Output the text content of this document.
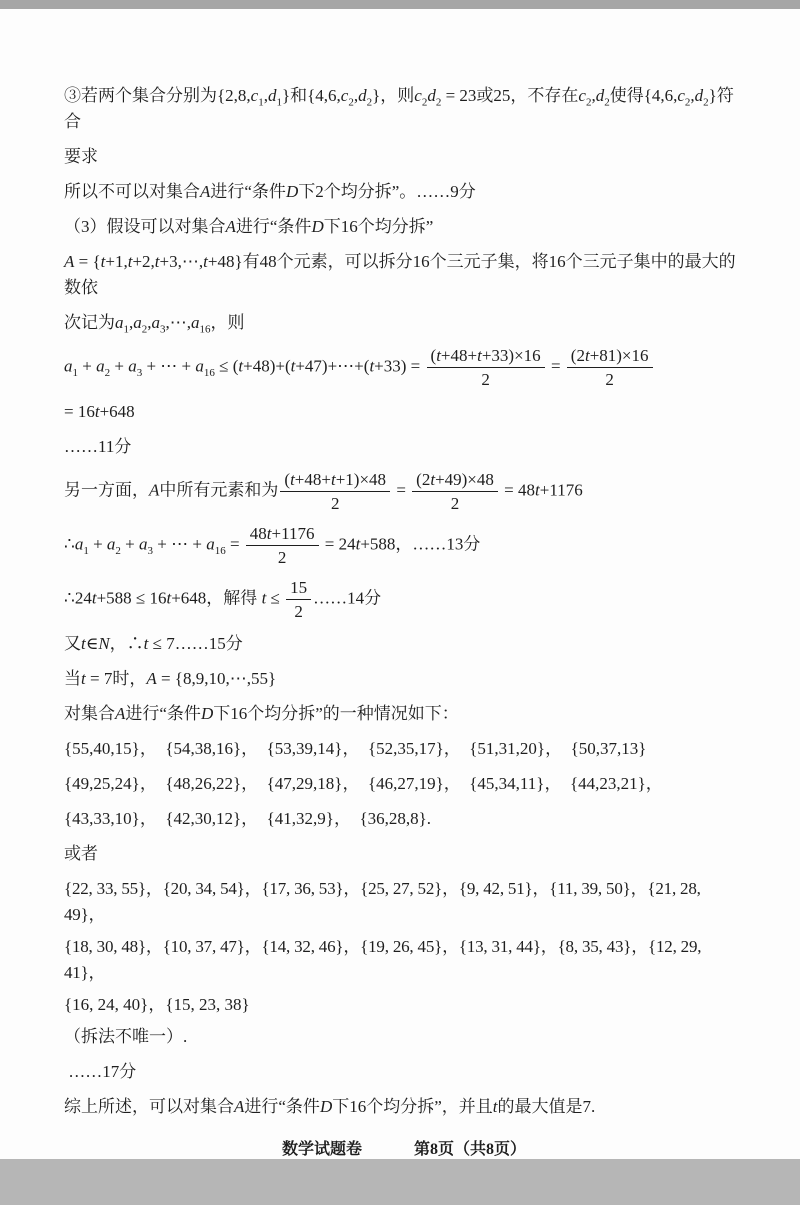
③若两个集合分别为$\{2,8,c_1,d_1\}$和$\{4,6,c_2,d_2\}$，则$c_2d_2 = 23$或25，不存在$c_2,d_2$使得$\{4,6,c_2,d_2\}$符合
要求
所以不可以对集合A进行“条件D下2个均分拆”。……9分
（3）假设可以对集合A进行“条件D下16个均分拆”
A = {t+1,t+2,t+3,⋯,t+48}有48个元素，可以拆分16个三元子集，将16个三元子集中的最大的数依
次记为$a_1,a_2,a_3,\cdots,a_{16}$，则
$a_1 + a_2 + a_3$ + ⋯ + $a_{16}$ ≤ (t+48)+(t+47)+⋯+(t+33) = $\frac{(t+48+t+33)\times 16}{2} = \frac{(2t+81)\times 16}{2}$
= 16t+648
……11分
另一方面，A中所有元素和为 $\frac{(t+48+t+1)\times 48}{2} = \frac{(2t+49)\times 48}{2} = 48t+1176$
$\therefore a_1 + a_2 + a_3$ + ⋯ + $a_{16} = \frac{48t+1176}{2} = 24t+588$，……13分
∴24t+588 ≤ 16t+648，解得 $t \le \frac{15}{2}$ ……14分
又t∈N，∴t ≤ 7……15分
当t = 7时，A = {8,9,10,⋯,55}
对集合A进行“条件D下16个均分拆”的一种情况如下：
{55,40,15}，  {54,38,16}，  {53,39,14}，  {52,35,17}，  {51,31,20}，  {50,37,13}
{49,25,24}，  {48,26,22}，  {47,29,18}，  {46,27,19}，  {45,34,11}，  {44,23,21}，
{43,33,10}，  {42,30,12}，  {41,32,9}，  {36,28,8}.
或者
{22, 33, 55}，{20, 34, 54}，{17, 36, 53}，{25, 27, 52}，{9, 42, 51}，{11, 39, 50}，{21, 28, 49}，
{18, 30, 48}，{10, 37, 47}，{14, 32, 46}，{19, 26, 45}，{13, 31, 44}，{8, 35, 43}，{12, 29, 41}，
{16, 24, 40}，{15, 23, 38}
（拆法不唯一）.
……17分
综上所述，可以对集合A进行“条件D下16个均分拆”，并且t的最大值是7.
数学试题卷	第8页（共8页）
